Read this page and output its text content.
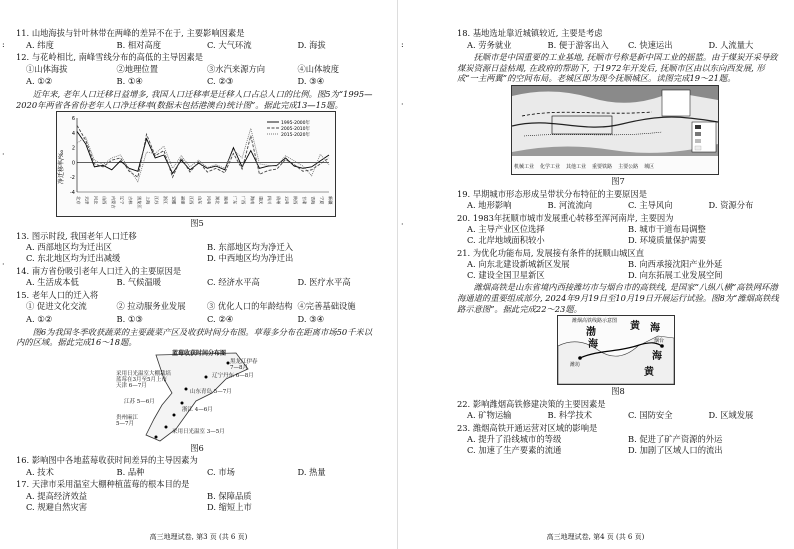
:
·
·
11. 山地海拔与针叶林带在两峰的差异不在于, 主要影响因素是
A. 纬度	B. 相对高度	C. 大气环流	D. 海拔
12. 与花岭相比, 南峰雪线分布的高低的主导因素是
①山体海拔	②地理位置	③水汽来源方向	④山体坡度
A. ①②	B. ①④	C. ②③	D. ③④
近年来, 老年人口迁移日益增多, 我国人口迁移率是迁移人口占总人口的比例。图5为“1995—2020年两省各省份老年人口净迁移率(数据未包括港澳台)统计图”。据此完成13—15题。
净迁移率/‰
-4
-2
0
2
4
6
北京 天津 河北 山西 内蒙古 辽宁 吉林 黑龙江 上海 江苏 浙江 安徽 福建 江西 山东 河南 湖北 湖南 广东 广西 海南 重庆 四川 贵州 云南 陕西 甘肃 青海 宁夏 新疆
1995-2000年
2005-2010年
2015-2020年
图5
13. 图示时段, 我国老年人口迁移
A. 西部地区均为迁出区	B. 东部地区均为净迁入
C. 东北地区均为迁出减缓	D. 中西地区均为净迁出
14. 南方省份吸引老年人口迁入的主要原因是
A. 生活成本低	B. 气候温暖	C. 经济水平高	D. 医疗水平高
15. 老年人口的迁入将
① 促进文化交流	② 拉动服务业发展	③ 优化人口的年龄结构 ④完善基础设施
A. ①②	B. ①③	C. ②④	D. ③④
图6为我国冬季收获蔬菜的主要蔬菜产区及收获时间分布图。草莓多分布在距离市场50千米以内的区域。据此完成16～18题。
蓝莓收获时间分布图
黑龙江伊春
7—8月
辽宁丹东 6—8月
采用日光温室大棚栽培
蓝莓在3月至5月上市
天津 6—7月
山东青岛 5—7月
江苏 5—6月
浙江 4—6月
贵州麻江
5—7月
采用日光温室 3—5月
图6
16. 影响图中各地蓝莓收获时间差异的主导因素为
A. 技术	B. 品种	C. 市场	D. 热量
17. 天津市采用温室大棚种植蓝莓的根本目的是
A. 提高经济效益	B. 保障品质
C. 规避自然灾害	D. 缩短上市
高三地理试卷, 第3 页 (共 6 页)
:
·
·
18. 基地选址靠近城镇较近, 主要是考虑
A. 劳务就业	B. 便于游客出入	C. 快速运出	D. 人流量大
抚顺市是中国重要的工业基地, 抚顺市号称是新中国工业的摇篮。由于煤炭开采导致煤炭资源日益枯竭, 在政府的帮助下, 于1972年开发后, 抚顺市区由以东向西发展, 形成“一主两翼”的空间布局。老城区即为现今抚顺城区。读图完成19～21题。
机械工业 化学工业 其他工业 重要铁路 主要公路 城区
图7
19. 早期城市形态形成呈带状分布特征的主要原因是
A. 地形影响	B. 河流流向	C. 主导风向	D. 资源分布
20. 1983年抚顺市城市发展重心转移至浑河南岸, 主要因为
A. 主导产业区位选择	B. 城市干道布局调整
C. 北岸地域面积较小	D. 环境质量保护需要
21. 为优化功能布局, 发展接有条件的抚顺山城区直
A. 向东北建设新城新区发展	B. 向西承接沈阳产业外延
C. 建设全国卫星新区	D. 向东拓展工业发展空间
潍烟高铁是山东省境内西接潍坊市与烟台市的高铁线, 是国家“八纵八横”高铁网环渤海通道的重要组成部分, 2024年9月19日至10月19日开展运行试验。图8为“潍烟高铁线路示意图”。据此完成22～23题。
潍烟高铁线路示意图
渤
海
黄 海
海
黄
潍坊
烟台
图8
22. 影响潍烟高铁修建决策的主要因素是
A. 矿物运输	B. 科学技术	C. 国防安全	D. 区域发展
23. 潍烟高铁开通运营对区域的影响是
A. 提升了沿线城市的等级	B. 促进了矿产资源的外运
C. 加速了生产要素的流通	D. 加剧了区域人口的流出
高三地理试卷, 第4 页 (共 6 页)
